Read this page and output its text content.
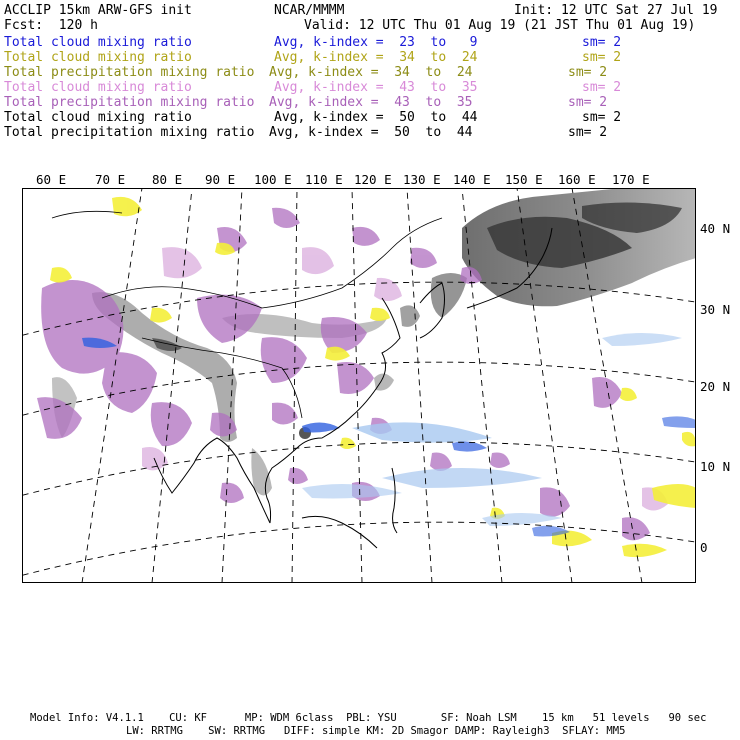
ACCLIP 15km ARW-GFS init	NCAR/MMMM	Init: 12 UTC Sat 27 Jul 19
Fcst:  120 h	Valid: 12 UTC Thu 01 Aug 19 (21 JST Thu 01 Aug 19)
Total cloud mixing ratio	Avg, k-index =  23  to   9	sm= 2
Total cloud mixing ratio	Avg, k-index =  34  to  24	sm= 2
Total precipitation mixing ratio Avg, k-index =  34  to  24	sm= 2
Total cloud mixing ratio	Avg, k-index =  43  to  35	sm= 2
Total precipitation mixing ratio Avg, k-index =  43  to  35	sm= 2
Total cloud mixing ratio	Avg, k-index =  50  to  44	sm= 2
Total precipitation mixing ratio Avg, k-index =  50  to  44	sm= 2
60 E 70 E 80 E 90 E 100 E 110 E 120 E 130 E 140 E 150 E 160 E 170 E
40 N
30 N
20 N
10 N
0
Model Info: V4.1.1    CU: KF      MP: WDM 6class  PBL: YSU       SF: Noah LSM    15 km   51 levels   90 sec
LW: RRTMG    SW: RRTMG   DIFF: simple KM: 2D Smagor DAMP: Rayleigh3  SFLAY: MM5
